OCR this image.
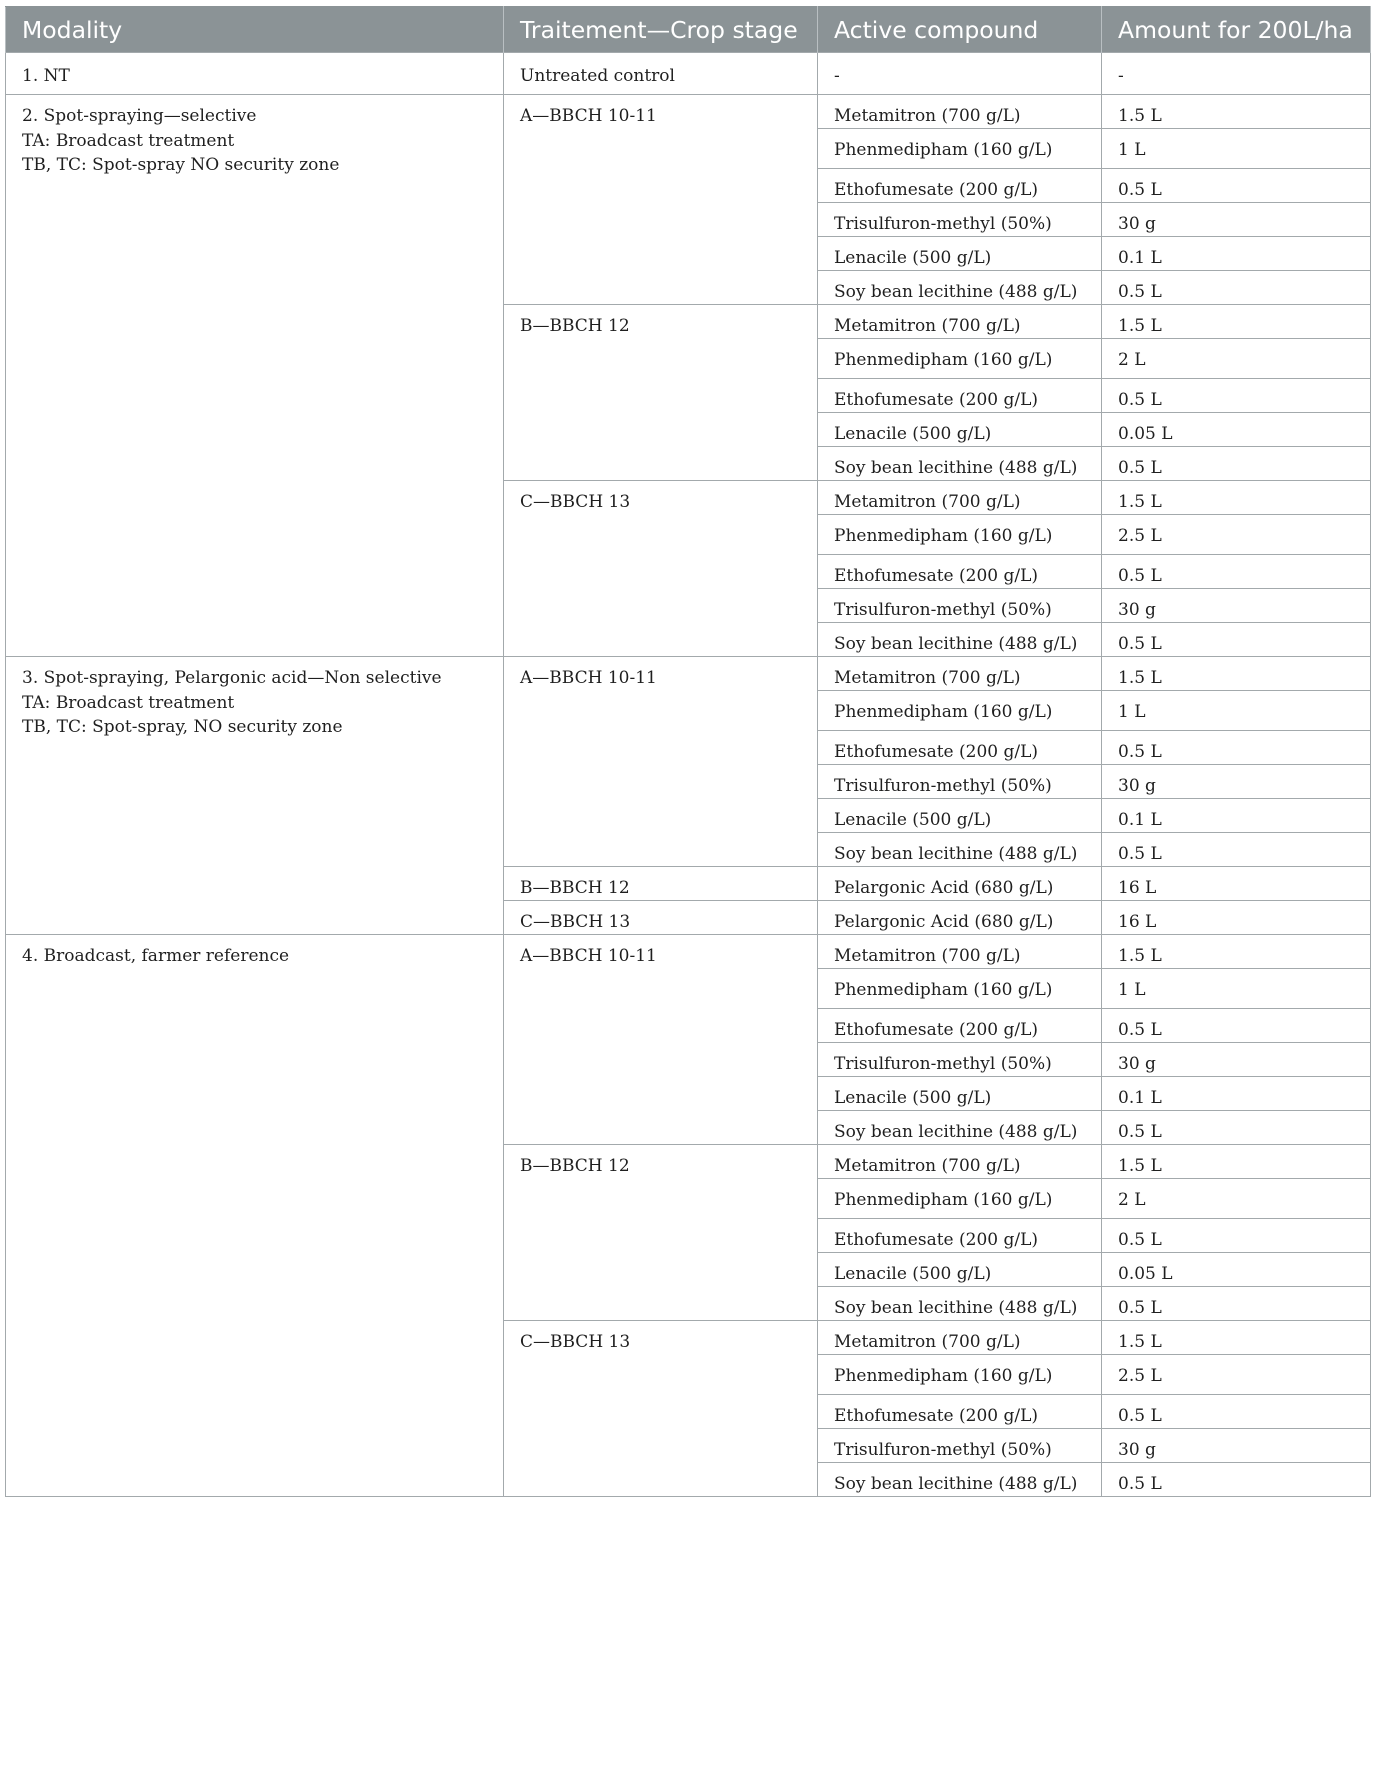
Modality	Traitement—Crop stage	Active compound	Amount for 200L/ha
1. NT	Untreated control	-	-
2. Spot-spraying—selective
TA: Broadcast treatment
TB, TC: Spot-spray NO security zone	A—BBCH 10-11	Metamitron (700 g/L)	1.5 L
		Phenmedipham (160 g/L)	1 L
		Ethofumesate (200 g/L)	0.5 L
		Trisulfuron-methyl (50%)	30 g
		Lenacile (500 g/L)	0.1 L
		Soy bean lecithine (488 g/L)	0.5 L
	B—BBCH 12	Metamitron (700 g/L)	1.5 L
		Phenmedipham (160 g/L)	2 L
		Ethofumesate (200 g/L)	0.5 L
		Lenacile (500 g/L)	0.05 L
		Soy bean lecithine (488 g/L)	0.5 L
	C—BBCH 13	Metamitron (700 g/L)	1.5 L
		Phenmedipham (160 g/L)	2.5 L
		Ethofumesate (200 g/L)	0.5 L
		Trisulfuron-methyl (50%)	30 g
		Soy bean lecithine (488 g/L)	0.5 L
3. Spot-spraying, Pelargonic acid—Non selective
TA: Broadcast treatment
TB, TC: Spot-spray, NO security zone	A—BBCH 10-11	Metamitron (700 g/L)	1.5 L
		Phenmedipham (160 g/L)	1 L
		Ethofumesate (200 g/L)	0.5 L
		Trisulfuron-methyl (50%)	30 g
		Lenacile (500 g/L)	0.1 L
		Soy bean lecithine (488 g/L)	0.5 L
	B—BBCH 12	Pelargonic Acid (680 g/L)	16 L
	C—BBCH 13	Pelargonic Acid (680 g/L)	16 L
4. Broadcast, farmer reference	A—BBCH 10-11	Metamitron (700 g/L)	1.5 L
		Phenmedipham (160 g/L)	1 L
		Ethofumesate (200 g/L)	0.5 L
		Trisulfuron-methyl (50%)	30 g
		Lenacile (500 g/L)	0.1 L
		Soy bean lecithine (488 g/L)	0.5 L
	B—BBCH 12	Metamitron (700 g/L)	1.5 L
		Phenmedipham (160 g/L)	2 L
		Ethofumesate (200 g/L)	0.5 L
		Lenacile (500 g/L)	0.05 L
		Soy bean lecithine (488 g/L)	0.5 L
	C—BBCH 13	Metamitron (700 g/L)	1.5 L
		Phenmedipham (160 g/L)	2.5 L
		Ethofumesate (200 g/L)	0.5 L
		Trisulfuron-methyl (50%)	30 g
		Soy bean lecithine (488 g/L)	0.5 L
